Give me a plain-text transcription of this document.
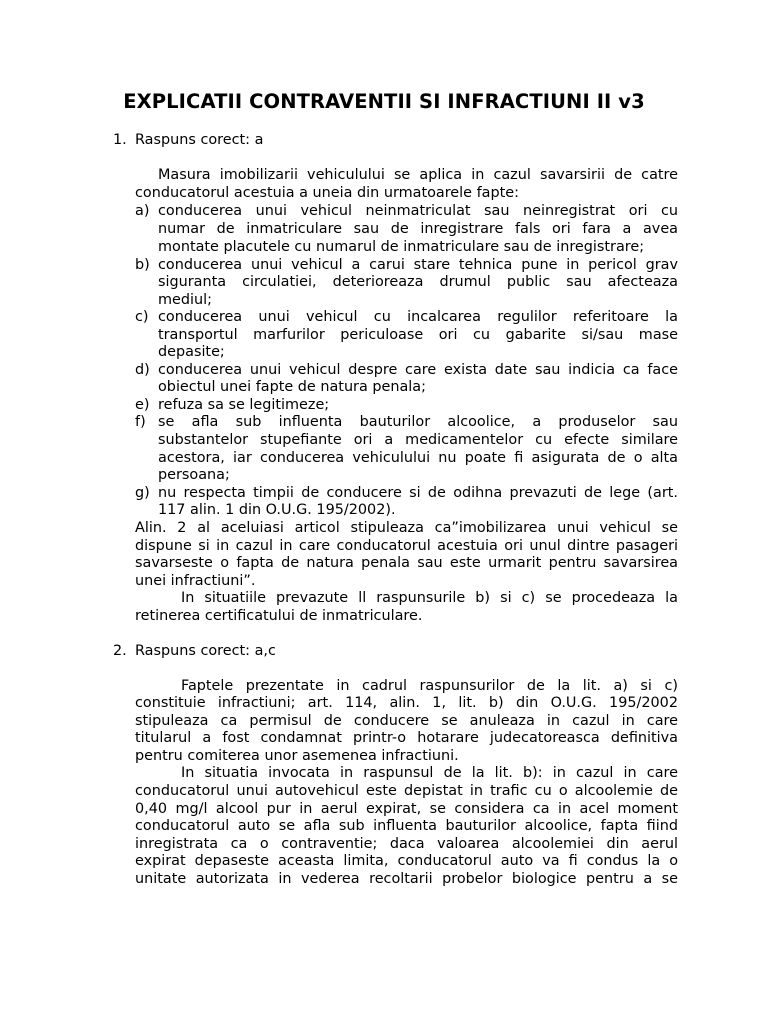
EXPLICATII CONTRAVENTII SI INFRACTIUNI II v3
1. Raspuns corect: a
Masura imobilizarii vehiculului se aplica in cazul savarsirii de catre
conducatorul acestuia a uneia din urmatoarele fapte:
a) conducerea unui vehicul neinmatriculat sau neinregistrat ori cu
numar de inmatriculare sau de inregistrare fals ori fara a avea
montate placutele cu numarul de inmatriculare sau de inregistrare;
b) conducerea unui vehicul a carui stare tehnica pune in pericol grav
siguranta circulatiei, deterioreaza drumul public sau afecteaza
mediul;
c) conducerea unui vehicul cu incalcarea regulilor referitoare la
transportul marfurilor periculoase ori cu gabarite si/sau mase
depasite;
d) conducerea unui vehicul despre care exista date sau indicia ca face
obiectul unei fapte de natura penala;
e) refuza sa se legitimeze;
f) se afla sub influenta bauturilor alcoolice, a produselor sau
substantelor stupefiante ori a medicamentelor cu efecte similare
acestora, iar conducerea vehiculului nu poate fi asigurata de o alta
persoana;
g) nu respecta timpii de conducere si de odihna prevazuti de lege (art.
117 alin. 1 din O.U.G. 195/2002).
Alin. 2 al aceluiasi articol stipuleaza ca”imobilizarea unui vehicul se
dispune si in cazul in care conducatorul acestuia ori unul dintre pasageri
savarseste o fapta de natura penala sau este urmarit pentru savarsirea
unei infractiuni”.
In situatiile prevazute ll raspunsurile b) si c) se procedeaza la
retinerea certificatului de inmatriculare.
2. Raspuns corect: a,c
Faptele prezentate in cadrul raspunsurilor de la lit. a) si c)
constituie infractiuni; art. 114, alin. 1, lit. b) din O.U.G. 195/2002
stipuleaza ca permisul de conducere se anuleaza in cazul in care
titularul a fost condamnat printr-o hotarare judecatoreasca definitiva
pentru comiterea unor asemenea infractiuni.
In situatia invocata in raspunsul de la lit. b): in cazul in care
conducatorul unui autovehicul este depistat in trafic cu o alcoolemie de
0,40 mg/l alcool pur in aerul expirat, se considera ca in acel moment
conducatorul auto se afla sub influenta bauturilor alcoolice, fapta fiind
inregistrata ca o contraventie; daca valoarea alcoolemiei din aerul
expirat depaseste aceasta limita, conducatorul auto va fi condus la o
unitate autorizata in vederea recoltarii probelor biologice pentru a se
